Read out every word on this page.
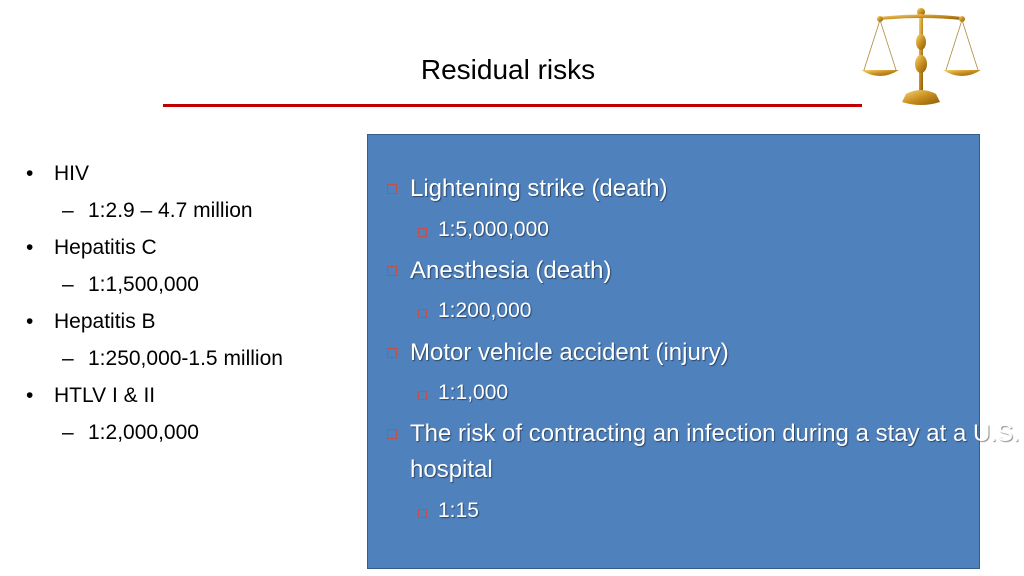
Residual risks
• HIV
– 1:2.9 – 4.7 million
• Hepatitis C
– 1:1,500,000
• Hepatitis B
– 1:250,000-1.5 million
• HTLV I & II
– 1:2,000,000
Lightening strike (death)
1:5,000,000
Anesthesia (death)
1:200,000
Motor vehicle accident (injury)
1:1,000
The risk of contracting an infection during a stay at a U.S. hospital
1:15
